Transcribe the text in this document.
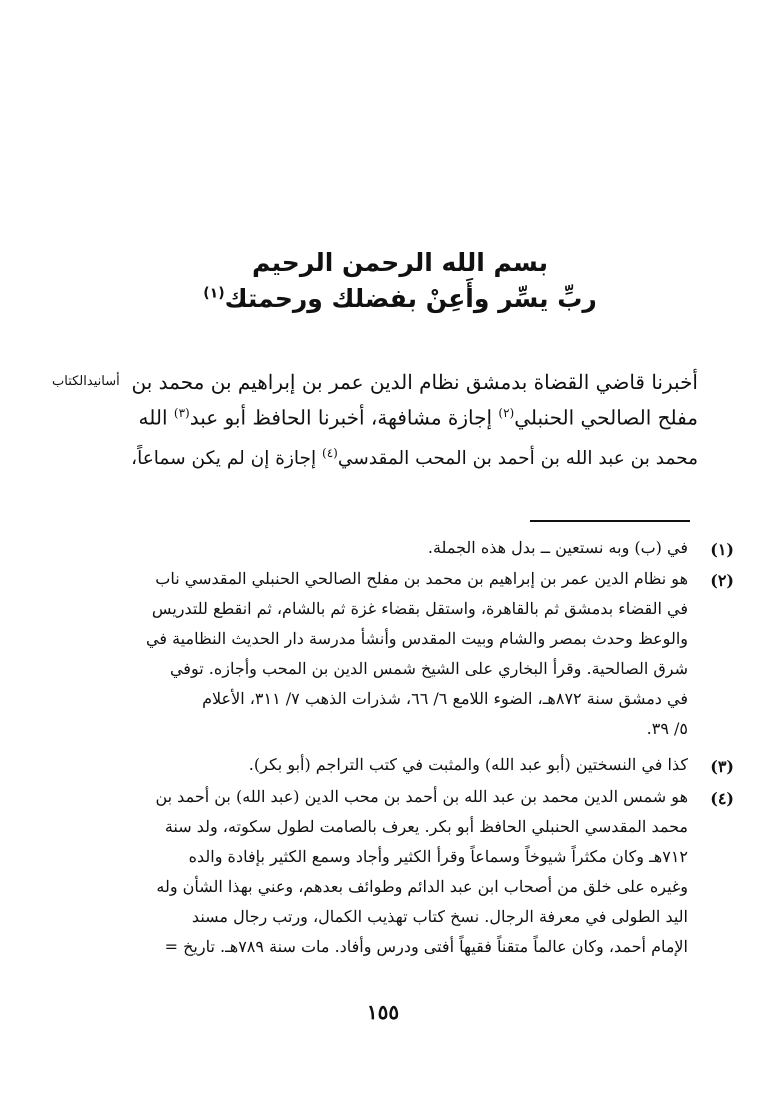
بسم الله الرحمن الرحيم
ربِّ يسِّر وأَعِنْ بفضلك ورحمتك$^{(١)}$
أسانيدالكتاب أخبرنا قاضي القضاة بدمشق نظام الدين عمر بن إبراهيم بن محمد بن
مفلح الصالحي الحنبلي$^{(٢)}$ إجازة مشافهة، أخبرنا الحافظ أبو عبد$^{(٣)}$ الله
محمد بن عبد الله بن أحمد بن المحب المقدسي$^{(٤)}$ إجازة إن لم يكن سماعاً،
(١)
في (ب) وبه نستعين ــ بدل هذه الجملة.
(٢)
هو نظام الدين عمر بن إبراهيم بن محمد بن مفلح الصالحي الحنبلي المقدسي ناب
في القضاء بدمشق ثم بالقاهرة، واستقل بقضاء غزة ثم بالشام، ثم انقطع للتدريس
والوعظ وحدث بمصر والشام وبيت المقدس وأنشأ مدرسة دار الحديث النظامية في
شرق الصالحية. وقرأ البخاري على الشيخ شمس الدين بن المحب وأجازه. توفي
في دمشق سنة ٨٧٢هـ، الضوء اللامع ٦/ ٦٦، شذرات الذهب ٧/ ٣١١، الأعلام
٥/ ٣٩.
(٣)
كذا في النسختين (أبو عبد الله) والمثبت في كتب التراجم (أبو بكر).
(٤)
هو شمس الدين محمد بن عبد الله بن أحمد بن محب الدين (عبد الله) بن أحمد بن
محمد المقدسي الحنبلي الحافظ أبو بكر. يعرف بالصامت لطول سكوته، ولد سنة
٧١٢هـ وكان مكثراً شيوخاً وسماعاً وقرأ الكثير وأجاد وسمع الكثير بإفادة والده
وغيره على خلق من أصحاب ابن عبد الدائم وطوائف بعدهم، وعني بهذا الشأن وله
اليد الطولى في معرفة الرجال. نسخ كتاب تهذيب الكمال، ورتب رجال مسند
الإمام أحمد، وكان عالماً متقناً فقيهاً أفتى ودرس وأفاد. مات سنة ٧٨٩هـ. تاريخ =
١٥٥
